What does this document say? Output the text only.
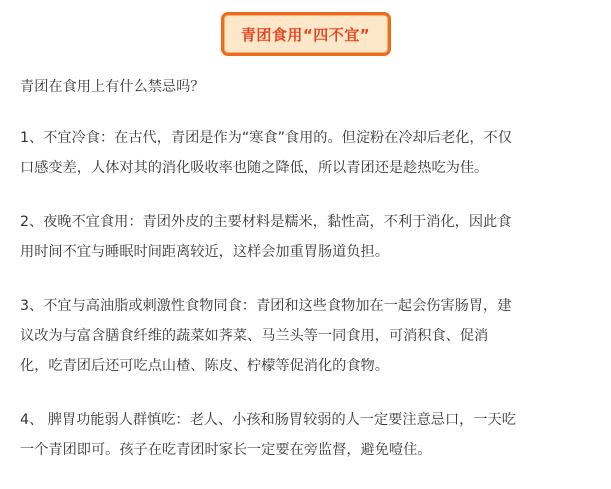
青团食用“四不宜”
青团在食用上有什么禁忌吗？
1、不宜冷食：在古代，青团是作为“寒食”食用的。但淀粉在冷却后老化，不仅
口感变差，人体对其的消化吸收率也随之降低，所以青团还是趁热吃为佳。
2、夜晚不宜食用：青团外皮的主要材料是糯米，黏性高，不利于消化，因此食
用时间不宜与睡眠时间距离较近，这样会加重胃肠道负担。
3、不宜与高油脂或刺激性食物同食：青团和这些食物加在一起会伤害肠胃，建
议改为与富含膳食纤维的蔬菜如荠菜、马兰头等一同食用，可消积食、促消
化，吃青团后还可吃点山楂、陈皮、柠檬等促消化的食物。
4、 脾胃功能弱人群慎吃：老人、小孩和肠胃较弱的人一定要注意忌口，一天吃
一个青团即可。孩子在吃青团时家长一定要在旁监督，避免噎住。
